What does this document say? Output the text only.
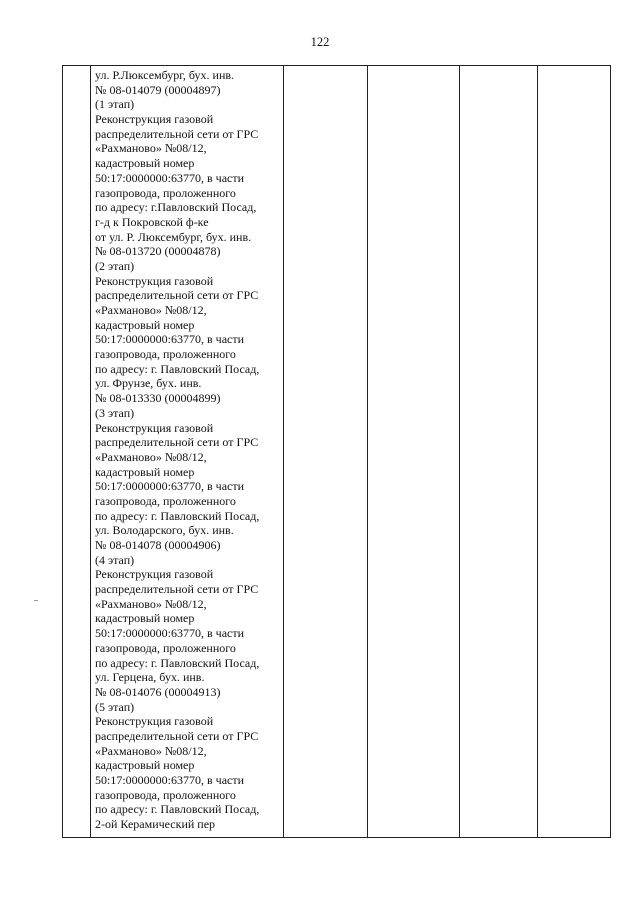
122

ул. Р.Люксембург, бух. инв.
№ 08-014079 (00004897)
(1 этап)
Реконструкция газовой
распределительной сети от ГРС
«Рахманово» №08/12,
кадастровый номер
50:17:0000000:63770, в части
газопровода, проложенного
по адресу: г.Павловский Посад,
г-д к Покровской ф-ке
от ул. Р. Люксембург, бух. инв.
№ 08-013720 (00004878)
(2 этап)
Реконструкция газовой
распределительной сети от ГРС
«Рахманово» №08/12,
кадастровый номер
50:17:0000000:63770, в части
газопровода, проложенного
по адресу: г. Павловский Посад,
ул. Фрунзе, бух. инв.
№ 08-013330 (00004899)
(3 этап)
Реконструкция газовой
распределительной сети от ГРС
«Рахманово» №08/12,
кадастровый номер
50:17:0000000:63770, в части
газопровода, проложенного
по адресу: г. Павловский Посад,
ул. Володарского, бух. инв.
№ 08-014078 (00004906)
(4 этап)
Реконструкция газовой
распределительной сети от ГРС
«Рахманово» №08/12,
кадастровый номер
50:17:0000000:63770, в части
газопровода, проложенного
по адресу: г. Павловский Посад,
ул. Герцена, бух. инв.
№ 08-014076 (00004913)
(5 этап)
Реконструкция газовой
распределительной сети от ГРС
«Рахманово» №08/12,
кадастровый номер
50:17:0000000:63770, в части
газопровода, проложенного
по адресу: г. Павловский Посад,
2-ой Керамический пер
